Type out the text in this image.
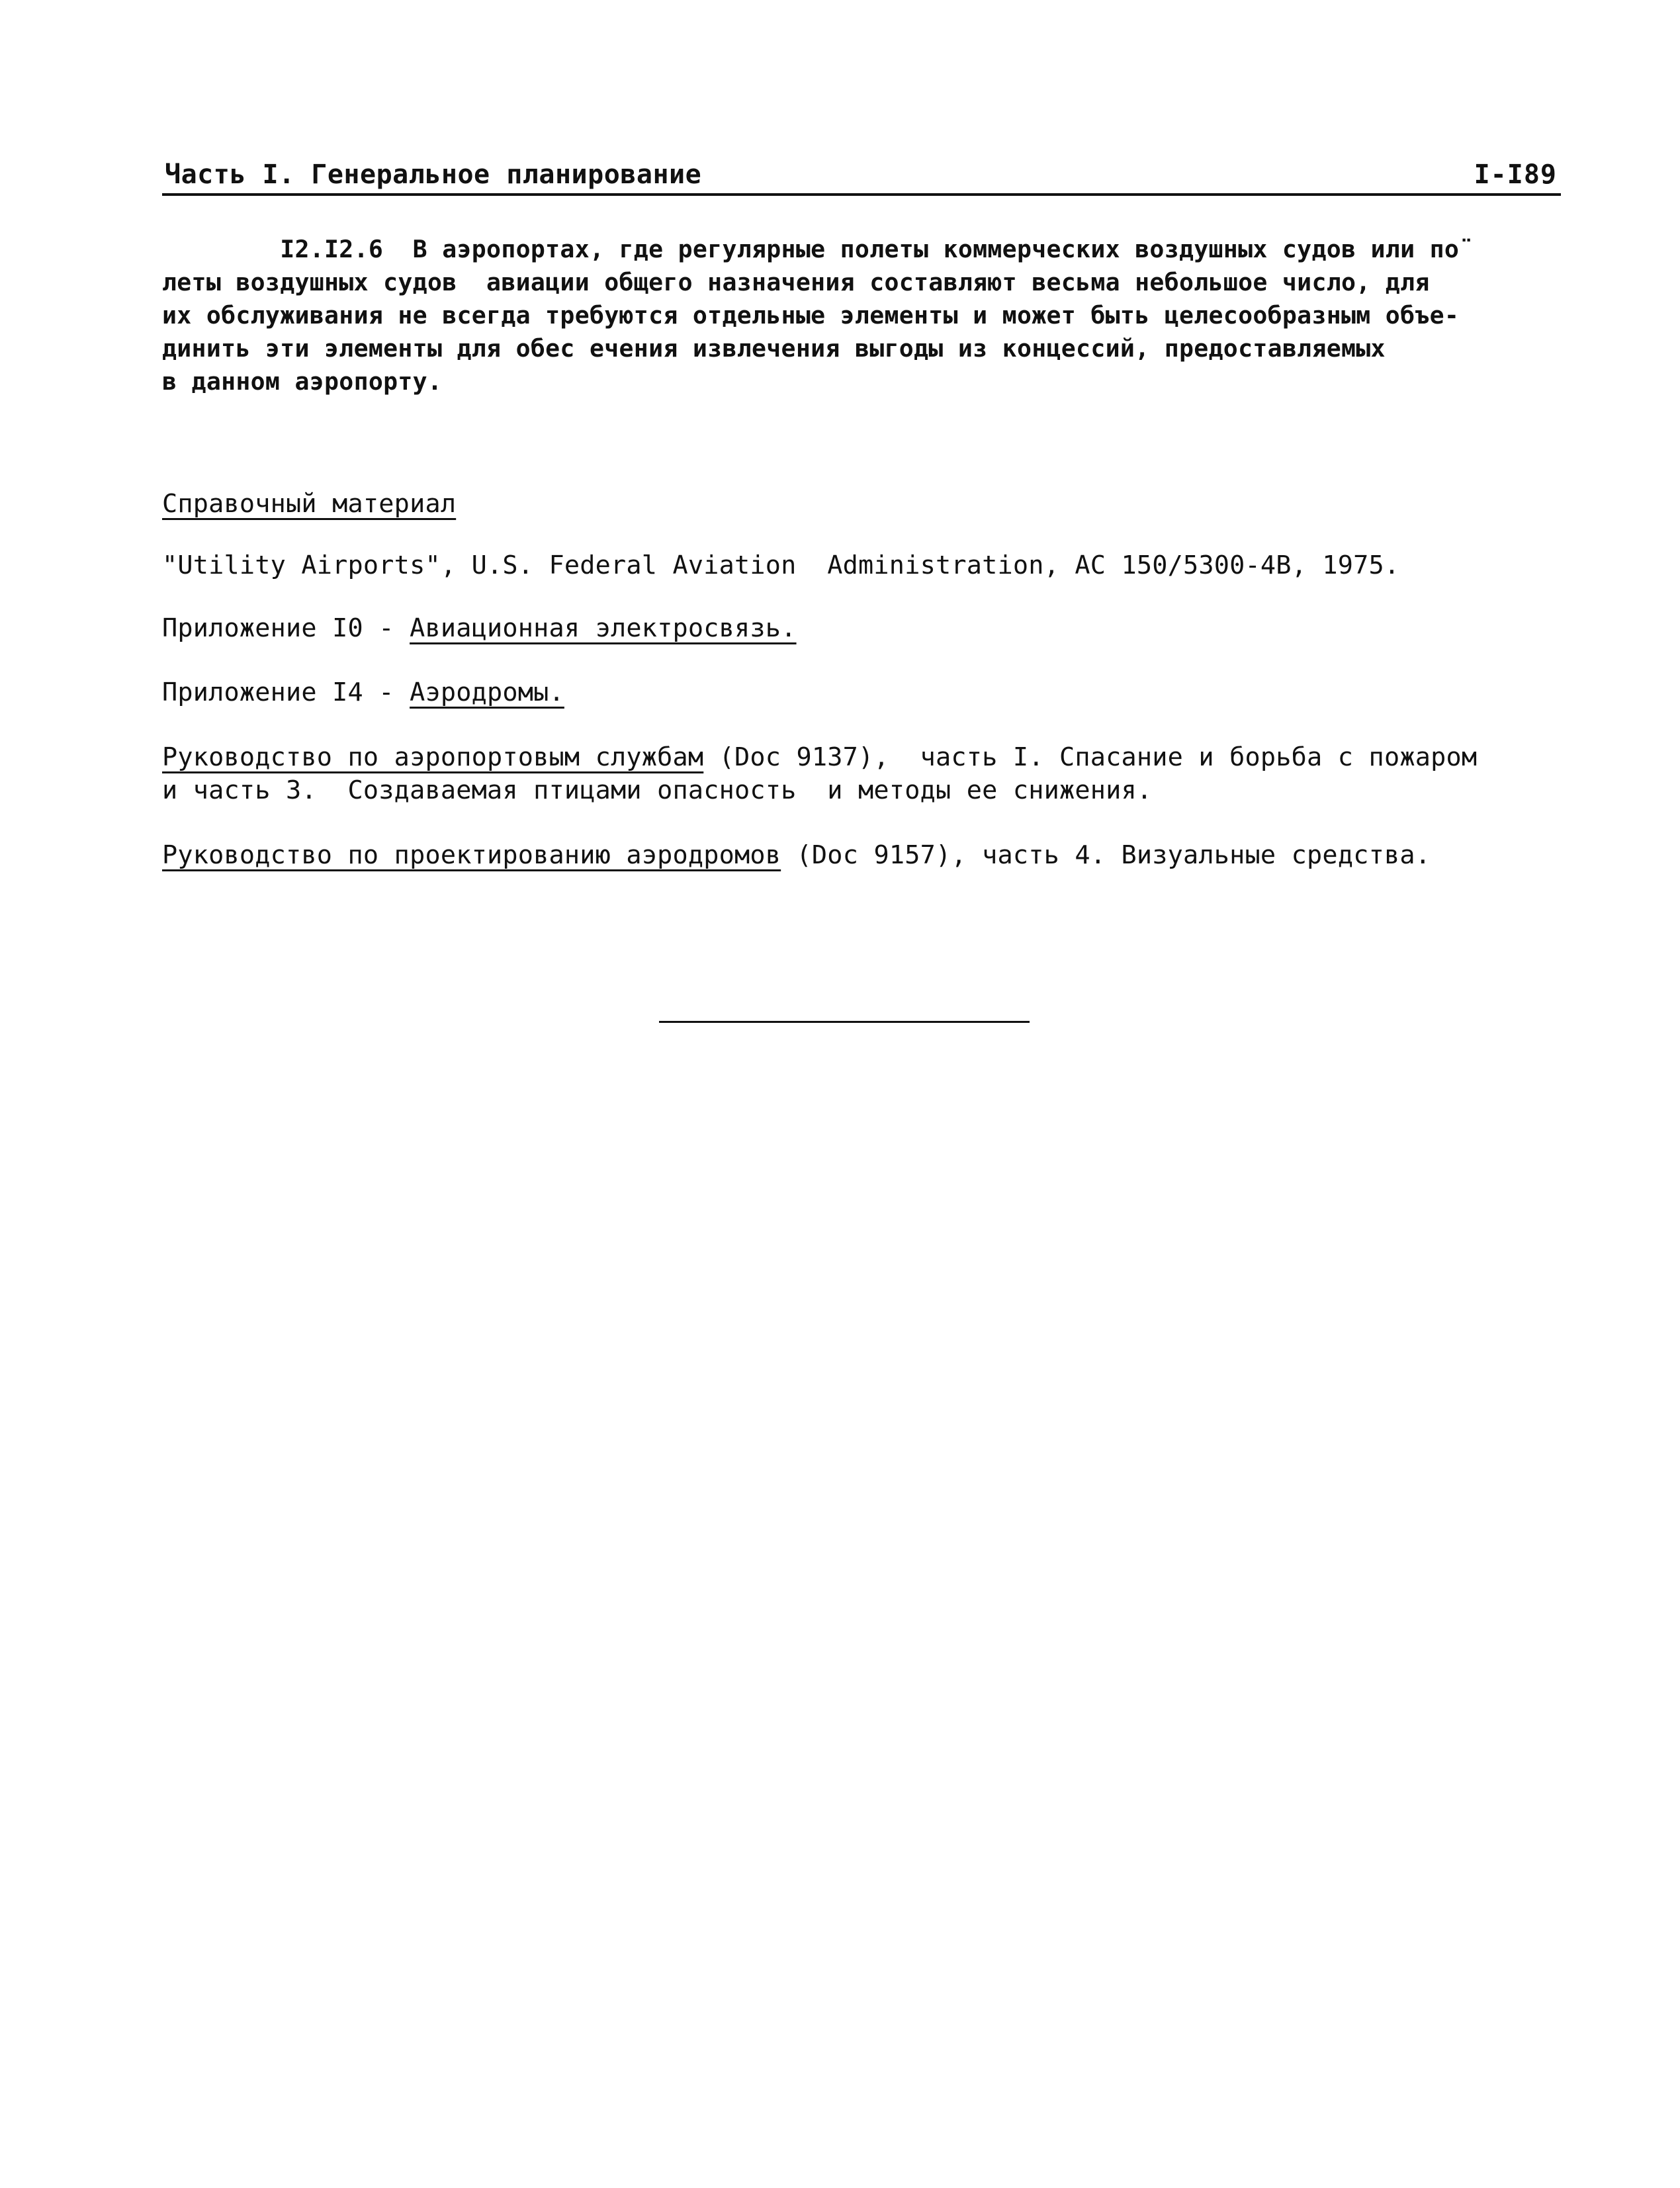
Часть I. Генеральное планирование	I-I89
I2.I2.6  В аэропортах, где регулярные полеты коммерческих воздушных судов или по¨
леты воздушных судов  авиации общего назначения составляют весьма небольшое число, для
их обслуживания не всегда требуются отдельные элементы и может быть целесообразным объе-
динить эти элементы для обес ечения извлечения выгоды из концессий, предоставляемых
в данном аэропорту.
Справочный материал
"Utility Airports", U.S. Federal Aviation  Administration, AC 150/5300-4B, 1975.
Приложение I0 - Авиационная электросвязь.
Приложение I4 - Аэродромы.
Руководство по аэропортовым службам (Doc 9137),  часть I. Спасание и борьба с пожаром
и часть 3.  Создаваемая птицами опасность  и методы ее снижения.
Руководство по проектированию аэродромов (Doc 9157), часть 4. Визуальные средства.
